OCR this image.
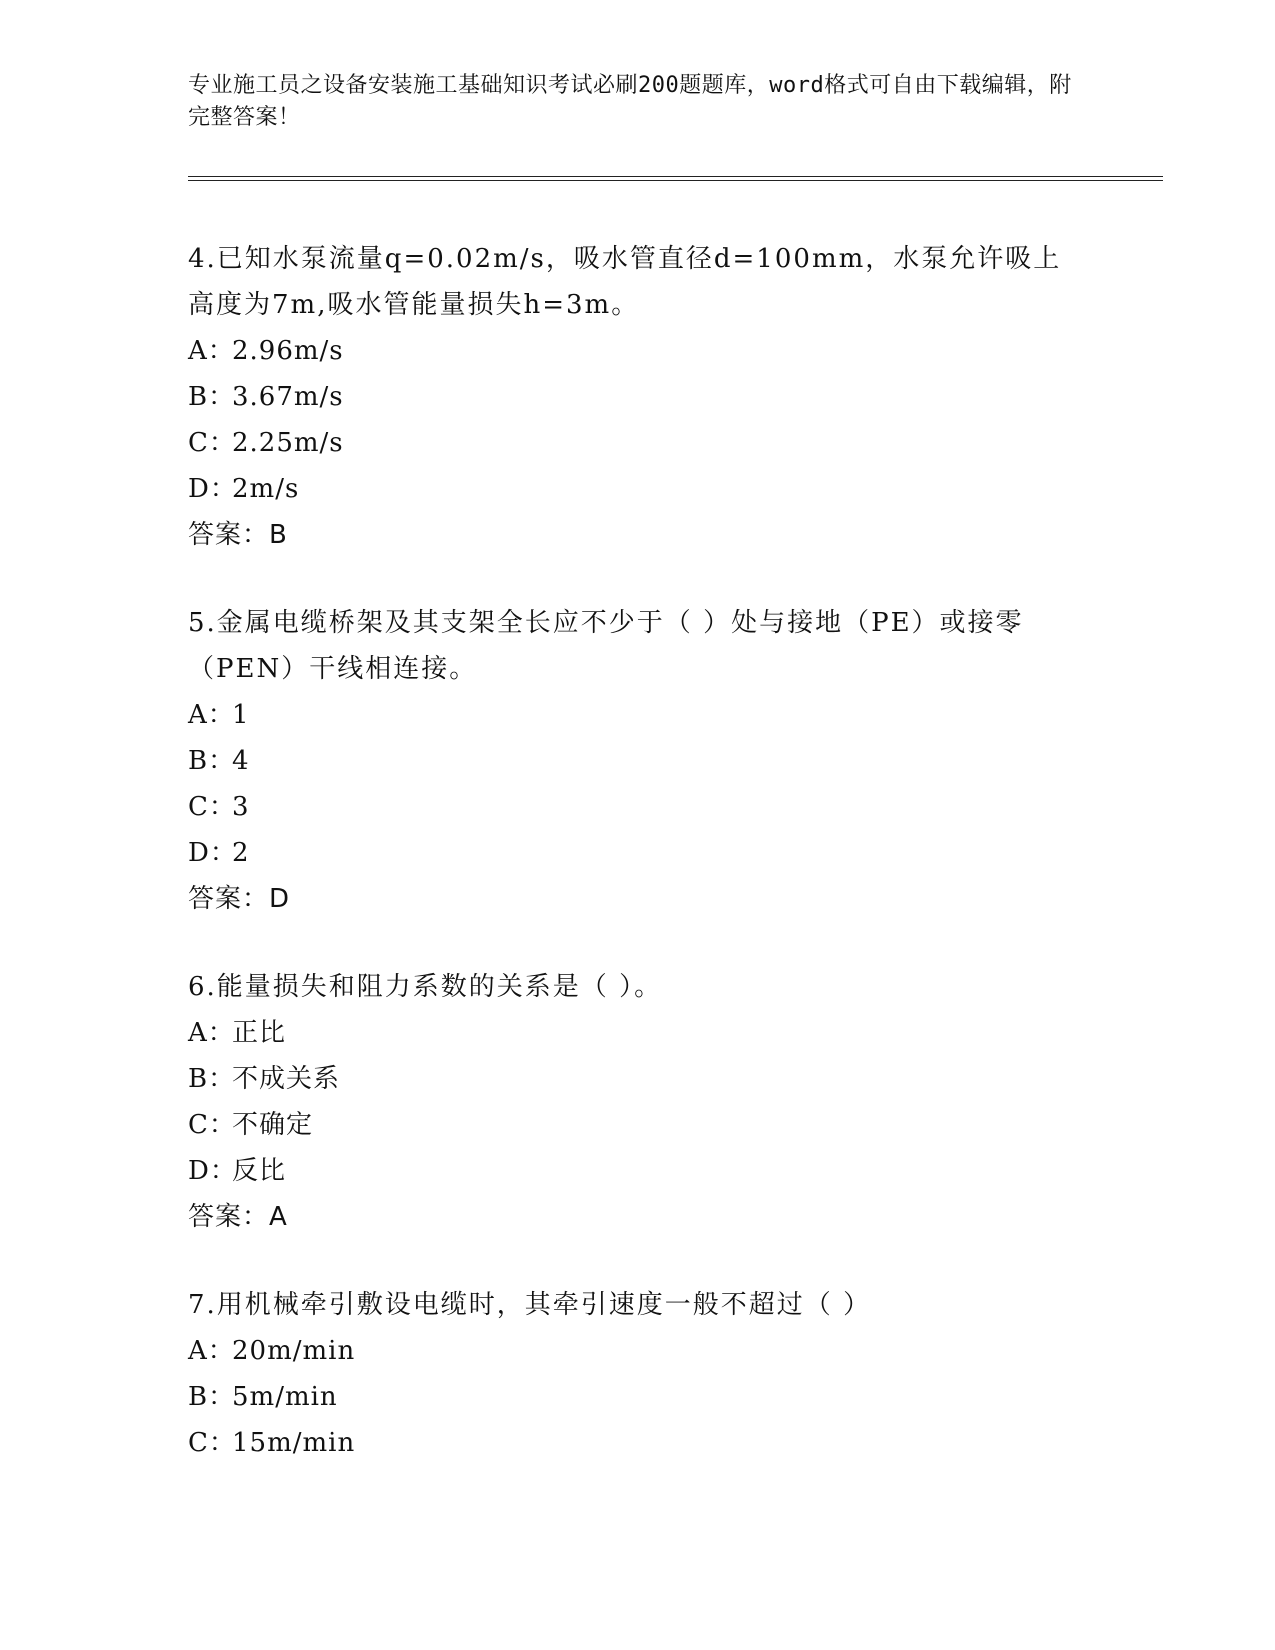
专业施工员之设备安装施工基础知识考试必刷200题题库，word格式可自由下载编辑，附完整答案！
4.已知水泵流量q=0.02m/s，吸水管直径d=100mm，水泵允许吸上高度为7m,吸水管能量损失h=3m。
A：2.96m/s
B：3.67m/s
C：2.25m/s
D：2m/s
答案：B
5.金属电缆桥架及其支架全长应不少于（ ）处与接地（PE）或接零（PEN）干线相连接。
A：1
B：4
C：3
D：2
答案：D
6.能量损失和阻力系数的关系是（ ）。
A：正比
B：不成关系
C：不确定
D：反比
答案：A
7.用机械牵引敷设电缆时，其牵引速度一般不超过（ ）
A：20m/min
B：5m/min
C：15m/min
